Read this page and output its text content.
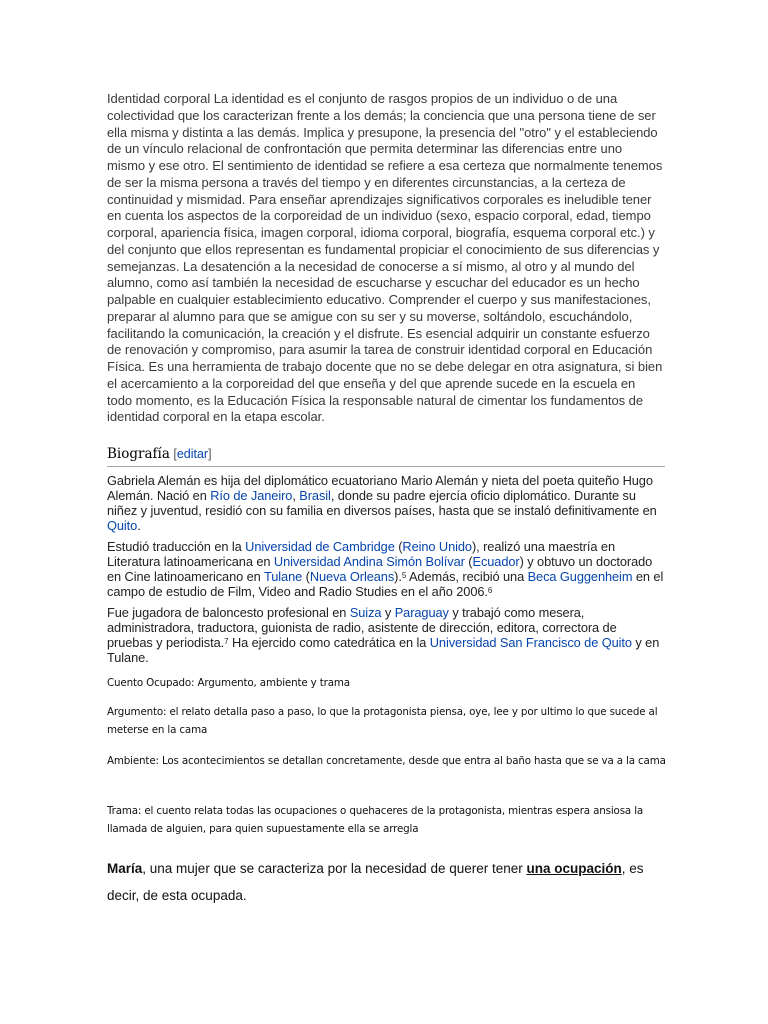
Identidad corporal La identidad es el conjunto de rasgos propios de un individuo o de una colectividad que los caracterizan frente a los demás; la conciencia que una persona tiene de ser ella misma y distinta a las demás. Implica y presupone, la presencia del "otro" y el estableciendo de un vínculo relacional de confrontación que permita determinar las diferencias entre uno mismo y ese otro. El sentimiento de identidad se refiere a esa certeza que normalmente tenemos de ser la misma persona a través del tiempo y en diferentes circunstancias, a la certeza de continuidad y mismidad. Para enseñar aprendizajes significativos corporales es ineludible tener en cuenta los aspectos de la corporeidad de un individuo (sexo, espacio corporal, edad, tiempo corporal, apariencia física, imagen corporal, idioma corporal, biografía, esquema corporal etc.) y del conjunto que ellos representan es fundamental propiciar el conocimiento de sus diferencias y semejanzas. La desatención a la necesidad de conocerse a sí mismo, al otro y al mundo del alumno, como así también la necesidad de escucharse y escuchar del educador es un hecho palpable en cualquier establecimiento educativo. Comprender el cuerpo y sus manifestaciones, preparar al alumno para que se amigue con su ser y su moverse, soltándolo, escuchándolo, facilitando la comunicación, la creación y el disfrute. Es esencial adquirir un constante esfuerzo de renovación y compromiso, para asumir la tarea de construir identidad corporal en Educación Física. Es una herramienta de trabajo docente que no se debe delegar en otra asignatura, si bien el acercamiento a la corporeidad del que enseña y del que aprende sucede en la escuela en todo momento, es la Educación Física la responsable natural de cimentar los fundamentos de identidad corporal en la etapa escolar.

Biografía [editar]

Gabriela Alemán es hija del diplomático ecuatoriano Mario Alemán y nieta del poeta quiteño Hugo Alemán. Nació en Río de Janeiro, Brasil, donde su padre ejercía oficio diplomático. Durante su niñez y juventud, residió con su familia en diversos países, hasta que se instaló definitivamente en Quito.

Estudió traducción en la Universidad de Cambridge (Reino Unido), realizó una maestría en Literatura latinoamericana en Universidad Andina Simón Bolívar (Ecuador) y obtuvo un doctorado en Cine latinoamericano en Tulane (Nueva Orleans).$^5$ Además, recibió una Beca Guggenheim en el campo de estudio de Film, Video and Radio Studies en el año 2006.$^6$

Fue jugadora de baloncesto profesional en Suiza y Paraguay y trabajó como mesera, administradora, traductora, guionista de radio, asistente de dirección, editora, correctora de pruebas y periodista.$^7$ Ha ejercido como catedrática en la Universidad San Francisco de Quito y en Tulane.

Cuento Ocupado: Argumento, ambiente y trama

Argumento: el relato detalla paso a paso, lo que la protagonista piensa, oye, lee y por ultimo lo que sucede al meterse en la cama

Ambiente: Los acontecimientos se detallan concretamente, desde que entra al baño hasta que se va a la cama

Trama: el cuento relata todas las ocupaciones o quehaceres de la protagonista, mientras espera ansiosa la llamada de alguien, para quien supuestamente ella se arregla

María, una mujer que se caracteriza por la necesidad de querer tener una ocupación, es decir, de esta ocupada.
